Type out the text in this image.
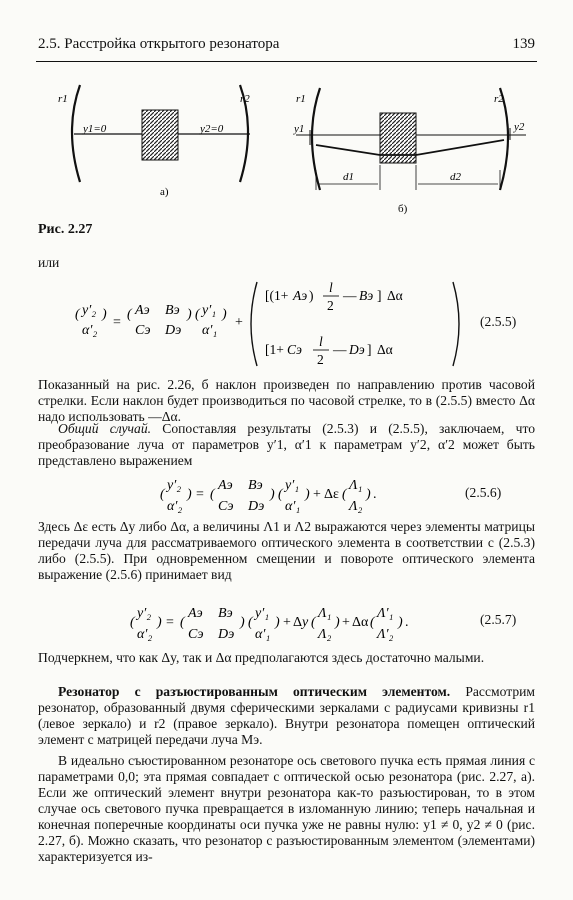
2.5. Расстройка открытого резонатора	139
r1	r2
y1=0	y2=0
а)
r1	r2
y1	y2
d1	d2
б)
Рис. 2.27
или
( y′₂
α′₂
)
=
( Aэ Bэ
Cэ Dэ
) ( y′₁
α′₁
)
+
[(1+ Aэ )
l
2
— Bэ ] Δα
[1+ Cэ
l
2
— Dэ ] Δα
(2.5.5)
Показанный на рис. 2.26, б наклон произведен по направлению против часовой стрелки. Если наклон будет производиться по часовой стрелке, то в (2.5.5) вместо Δα надо использовать —Δα.
Общий случай. Сопоставляя результаты (2.5.3) и (2.5.5), заключаем, что преобразование луча от параметров y′1, α′1 к параметрам y′2, α′2 может быть представлено выражением
(
y′₂
α′₂
) = (
Aэ Bэ
Cэ Dэ
) (
y′₁
α′₁
) + Δε (
Λ₁
Λ₂
) .	(2.5.6)
Здесь Δε есть Δy либо Δα, а величины Λ1 и Λ2 выражаются через элементы матрицы передачи луча для рассматриваемого оптического элемента в соответствии с (2.5.3) либо (2.5.5). При одновременном смещении и повороте оптического элемента выражение (2.5.6) принимает вид
(
y′₂
α′₂
) = (
Aэ Bэ
Cэ Dэ
) (
y′₁
α′₁
) + Δ y (
Λ₁
Λ₂
) + Δα (
Λ′₁
Λ′₂
) .	(2.5.7)
Подчеркнем, что как Δy, так и Δα предполагаются здесь достаточно малыми.
Резонатор с разъюстированным оптическим элементом. Рассмотрим резонатор, образованный двумя сферическими зеркалами с радиусами кривизны r1 (левое зеркало) и r2 (правое зеркало). Внутри резонатора помещен оптический элемент с матрицей передачи луча Mэ.
В идеально съюстированном резонаторе ось светового пучка есть прямая линия с параметрами 0,0; эта прямая совпадает с оптической осью резонатора (рис. 2.27, а). Если же оптический элемент внутри резонатора как-то разъюстирован, то в этом случае ось светового пучка превращается в изломанную линию; теперь начальная и конечная поперечные координаты оси пучка уже не равны нулю: y1 ≠ 0, y2 ≠ 0 (рис. 2.27, б). Можно сказать, что резонатор с разъюстированным элементом (элементами) характеризуется из-
